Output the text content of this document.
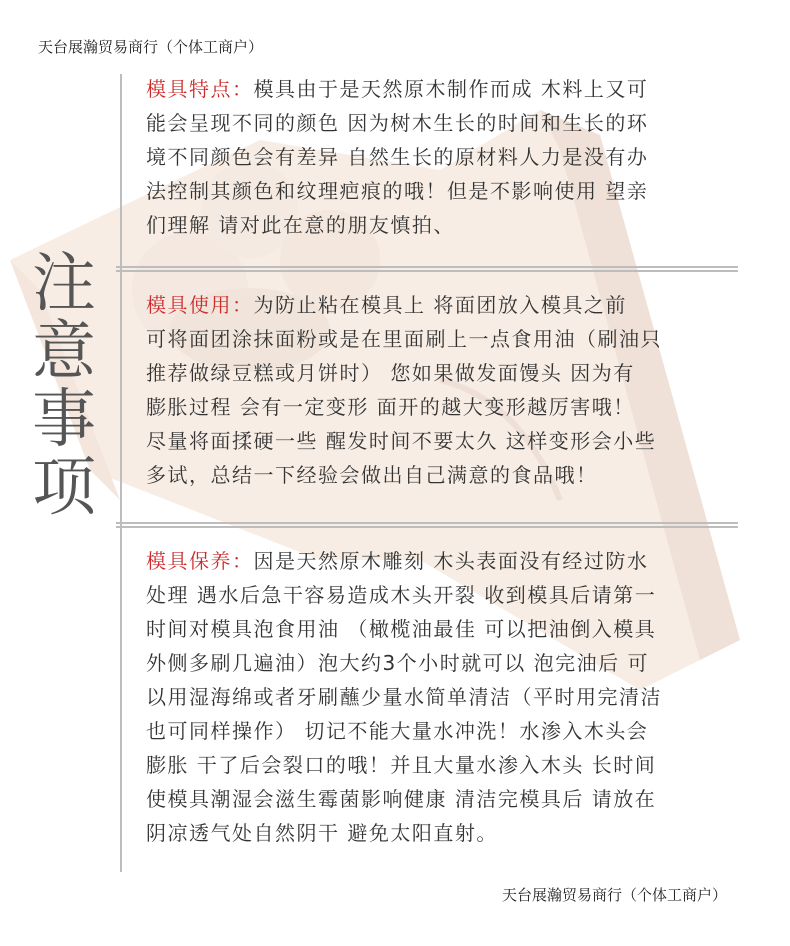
天台展瀚贸易商行（个体工商户）
注
意
事
项
模具特点：模具由于是天然原木制作而成 木料上又可
能会呈现不同的颜色 因为树木生长的时间和生长的环
境不同颜色会有差异 自然生长的原材料人力是没有办
法控制其颜色和纹理疤痕的哦！但是不影响使用 望亲
们理解 请对此在意的朋友慎拍、
模具使用：为防止粘在模具上 将面团放入模具之前
可将面团涂抹面粉或是在里面刷上一点食用油（刷油只
推荐做绿豆糕或月饼时） 您如果做发面馒头 因为有
膨胀过程 会有一定变形 面开的越大变形越厉害哦！
尽量将面揉硬一些 醒发时间不要太久 这样变形会小些
多试，总结一下经验会做出自己满意的食品哦！
模具保养：因是天然原木雕刻 木头表面没有经过防水
处理 遇水后急干容易造成木头开裂 收到模具后请第一
时间对模具泡食用油 （橄榄油最佳 可以把油倒入模具
外侧多刷几遍油）泡大约3个小时就可以 泡完油后 可
以用湿海绵或者牙刷蘸少量水简单清洁（平时用完清洁
也可同样操作） 切记不能大量水冲洗！水渗入木头会
膨胀 干了后会裂口的哦！并且大量水渗入木头 长时间
使模具潮湿会滋生霉菌影响健康 清洁完模具后 请放在
阴凉透气处自然阴干 避免太阳直射。
天台展瀚贸易商行（个体工商户）
